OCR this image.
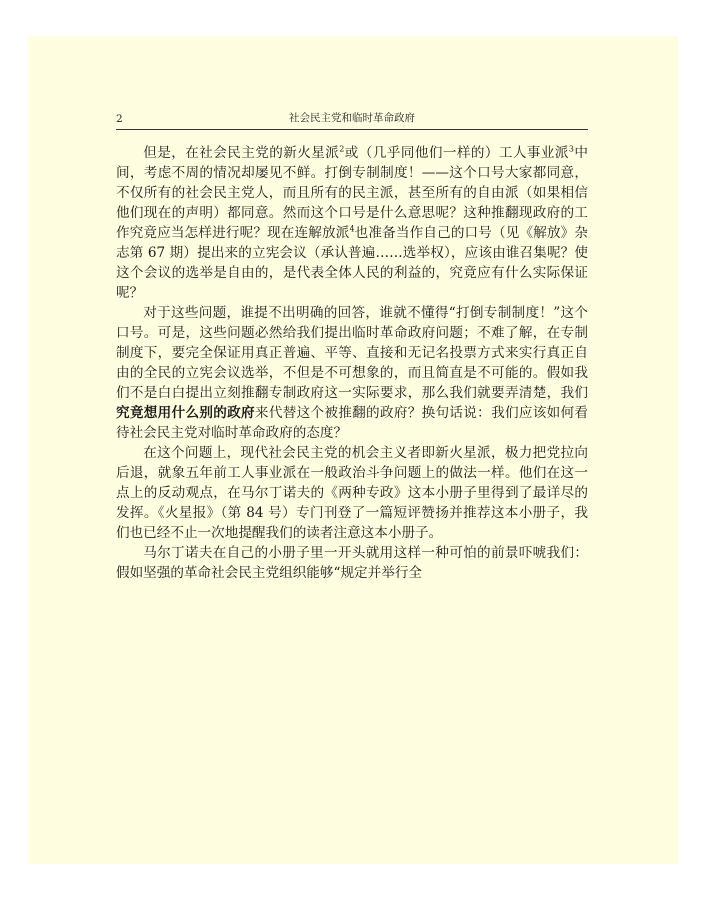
2	社会民主党和临时革命政府

但是，在社会民主党的新火星派$^2$或（几乎同他们一样的）工人事业派$^3$中间，考虑不周的情况却屡见不鲜。打倒专制制度！——这个口号大家都同意，不仅所有的社会民主党人，而且所有的民主派，甚至所有的自由派（如果相信他们现在的声明）都同意。然而这个口号是什么意思呢？这种推翻现政府的工作究竟应当怎样进行呢？现在连解放派$^4$也准备当作自己的口号（见《解放》杂志第 67 期）提出来的立宪会议（承认普遍……选举权），应该由谁召集呢？使这个会议的选举是自由的，是代表全体人民的利益的，究竟应有什么实际保证呢？

对于这些问题，谁提不出明确的回答，谁就不懂得“打倒专制制度！”这个口号。可是，这些问题必然给我们提出临时革命政府问题；不难了解，在专制制度下，要完全保证用真正普遍、平等、直接和无记名投票方式来实行真正自由的全民的立宪会议选举，不但是不可想象的，而且简直是不可能的。假如我们不是白白提出立刻推翻专制政府这一实际要求，那么我们就要弄清楚，我们究竟想用什么别的政府来代替这个被推翻的政府？换句话说：我们应该如何看待社会民主党对临时革命政府的态度？

在这个问题上，现代社会民主党的机会主义者即新火星派，极力把党拉向后退，就象五年前工人事业派在一般政治斗争问题上的做法一样。他们在这一点上的反动观点，在马尔丁诺夫的《两种专政》这本小册子里得到了最详尽的发挥。《火星报》（第 84 号）专门刊登了一篇短评赞扬并推荐这本小册子，我们也已经不止一次地提醒我们的读者注意这本小册子。

马尔丁诺夫在自己的小册子里一开头就用这样一种可怕的前景吓唬我们：假如坚强的革命社会民主党组织能够“规定并举行全
